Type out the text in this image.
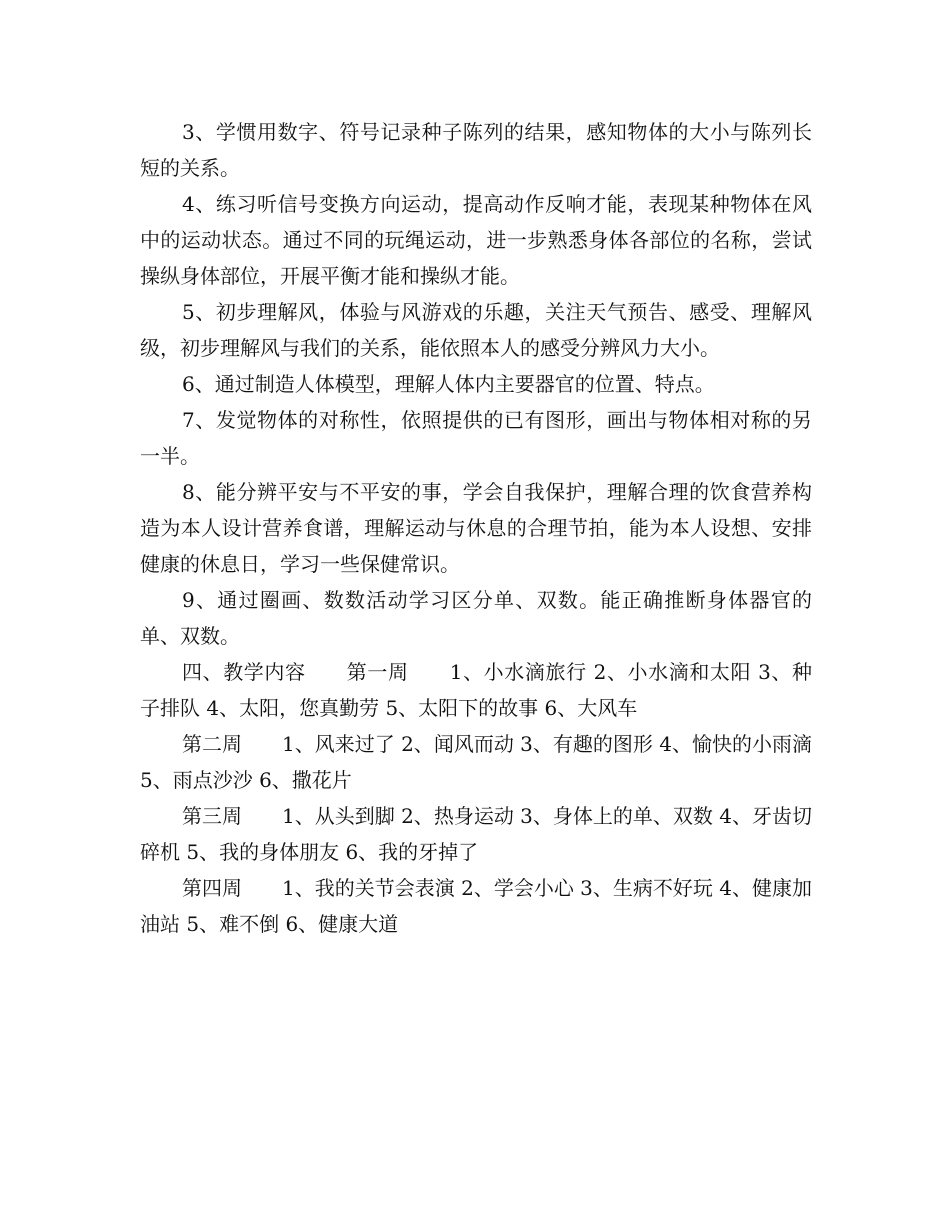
3、学惯用数字、符号记录种子陈列的结果，感知物体的大小与陈列长短的关系。

4、练习听信号变换方向运动，提高动作反响才能，表现某种物体在风中的运动状态。通过不同的玩绳运动，进一步熟悉身体各部位的名称，尝试操纵身体部位，开展平衡才能和操纵才能。

5、初步理解风，体验与风游戏的乐趣，关注天气预告、感受、理解风级，初步理解风与我们的关系，能依照本人的感受分辨风力大小。

6、通过制造人体模型，理解人体内主要器官的位置、特点。

7、发觉物体的对称性，依照提供的已有图形，画出与物体相对称的另一半。

8、能分辨平安与不平安的事，学会自我保护，理解合理的饮食营养构造为本人设计营养食谱，理解运动与休息的合理节拍，能为本人设想、安排健康的休息日，学习一些保健常识。

9、通过圈画、数数活动学习区分单、双数。能正确推断身体器官的单、双数。

四、教学内容　　第一周　　1、小水滴旅行 2、小水滴和太阳 3、种子排队 4、太阳，您真勤劳 5、太阳下的故事 6、大风车

第二周　　1、风来过了 2、闻风而动 3、有趣的图形 4、愉快的小雨滴 5、雨点沙沙 6、撒花片

第三周　　1、从头到脚 2、热身运动 3、身体上的单、双数 4、牙齿切碎机 5、我的身体朋友 6、我的牙掉了

第四周　　1、我的关节会表演 2、学会小心 3、生病不好玩 4、健康加油站 5、难不倒 6、健康大道
